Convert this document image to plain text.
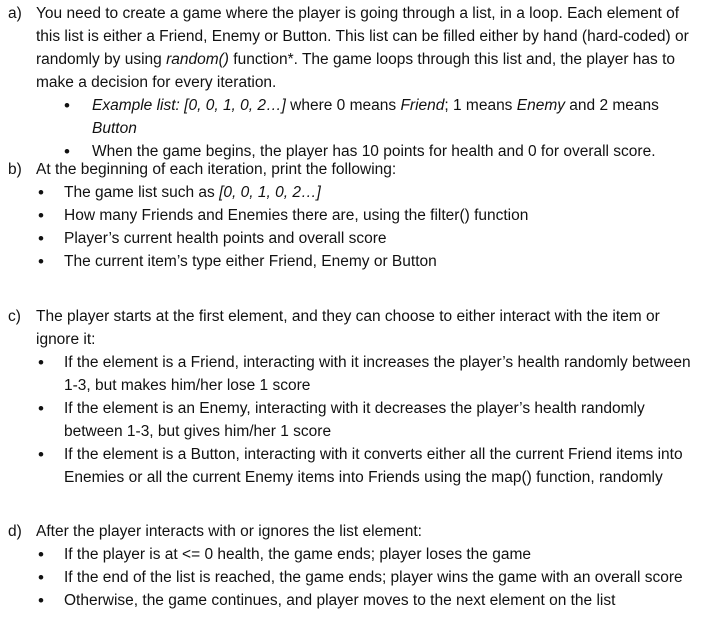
a) You need to create a game where the player is going through a list, in a loop. Each element of this list is either a Friend, Enemy or Button. This list can be filled either by hand (hard-coded) or randomly by using random() function*. The game loops through this list and, the player has to make a decision for every iteration.

• Example list: [0, 0, 1, 0, 2…] where 0 means Friend; 1 means Enemy and 2 means Button
• When the game begins, the player has 10 points for health and 0 for overall score.
b) At the beginning of each iteration, print the following:

• The game list such as [0, 0, 1, 0, 2…]
• How many Friends and Enemies there are, using the filter() function
• Player’s current health points and overall score
• The current item’s type either Friend, Enemy or Button
c) The player starts at the first element, and they can choose to either interact with the item or ignore it:

• If the element is a Friend, interacting with it increases the player’s health randomly between 1-3, but makes him/her lose 1 score
• If the element is an Enemy, interacting with it decreases the player’s health randomly between 1-3, but gives him/her 1 score
• If the element is a Button, interacting with it converts either all the current Friend items into Enemies or all the current Enemy items into Friends using the map() function, randomly
d) After the player interacts with or ignores the list element:

• If the player is at <= 0 health, the game ends; player loses the game
• If the end of the list is reached, the game ends; player wins the game with an overall score
• Otherwise, the game continues, and player moves to the next element on the list
